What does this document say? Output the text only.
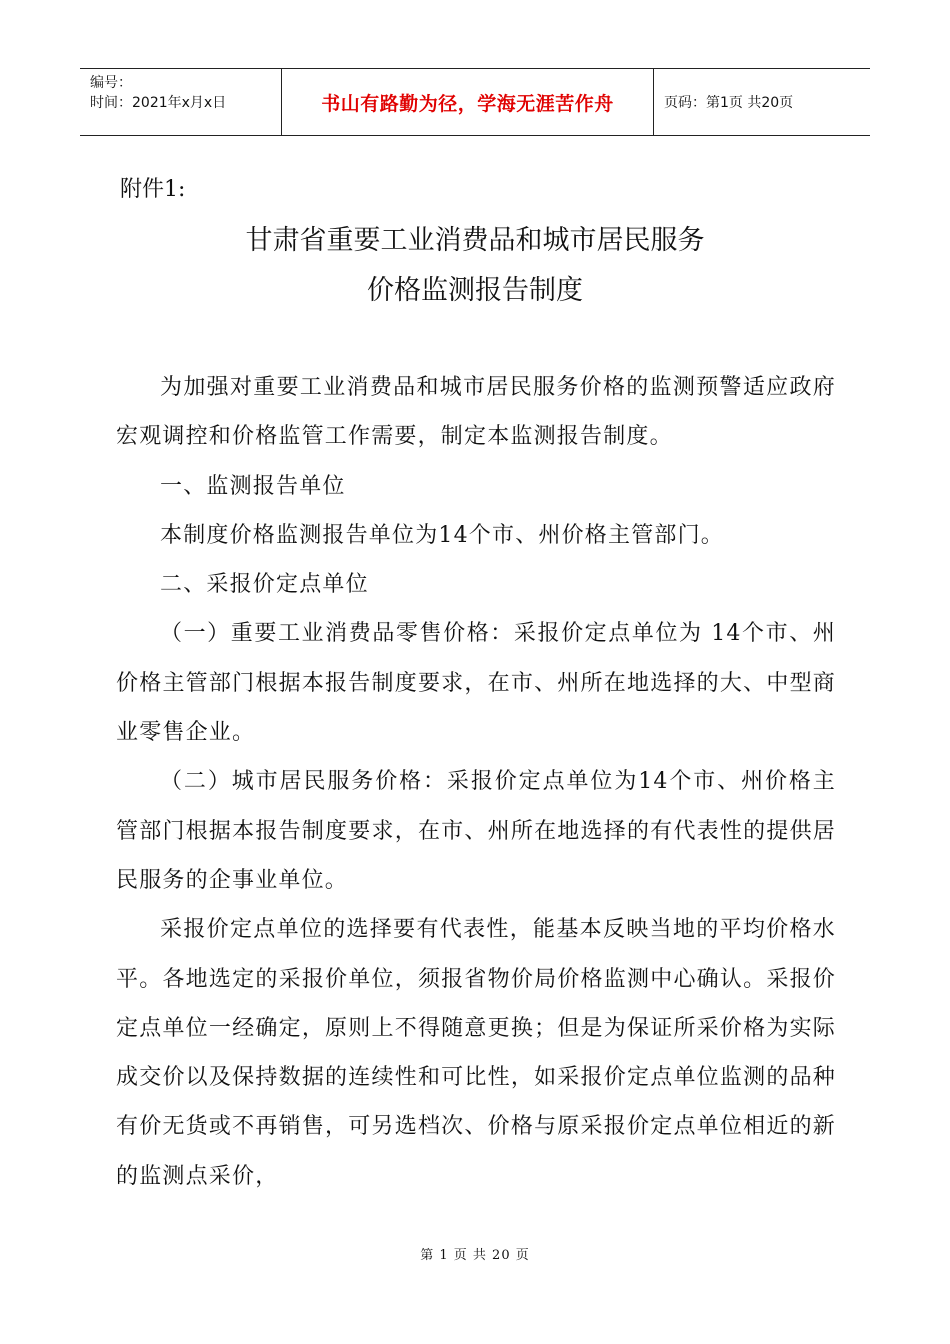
编号：
时间：2021年x月x日	书山有路勤为径，学海无涯苦作舟	页码：第1页 共20页
附件1:
甘肃省重要工业消费品和城市居民服务
价格监测报告制度

为加强对重要工业消费品和城市居民服务价格的监测预警适应政府宏观调控和价格监管工作需要，制定本监测报告制度。

一、监测报告单位

本制度价格监测报告单位为14个市、州价格主管部门。

二、采报价定点单位

（一）重要工业消费品零售价格：采报价定点单位为 14个市、州价格主管部门根据本报告制度要求，在市、州所在地选择的大、中型商业零售企业。

（二）城市居民服务价格：采报价定点单位为14个市、州价格主管部门根据本报告制度要求，在市、州所在地选择的有代表性的提供居民服务的企事业单位。

采报价定点单位的选择要有代表性，能基本反映当地的平均价格水平。各地选定的采报价单位，须报省物价局价格监测中心确认。采报价定点单位一经确定，原则上不得随意更换；但是为保证所采价格为实际成交价以及保持数据的连续性和可比性，如采报价定点单位监测的品种有价无货或不再销售，可另选档次、价格与原采报价定点单位相近的新的监测点采价，

第 1 页 共 20 页
